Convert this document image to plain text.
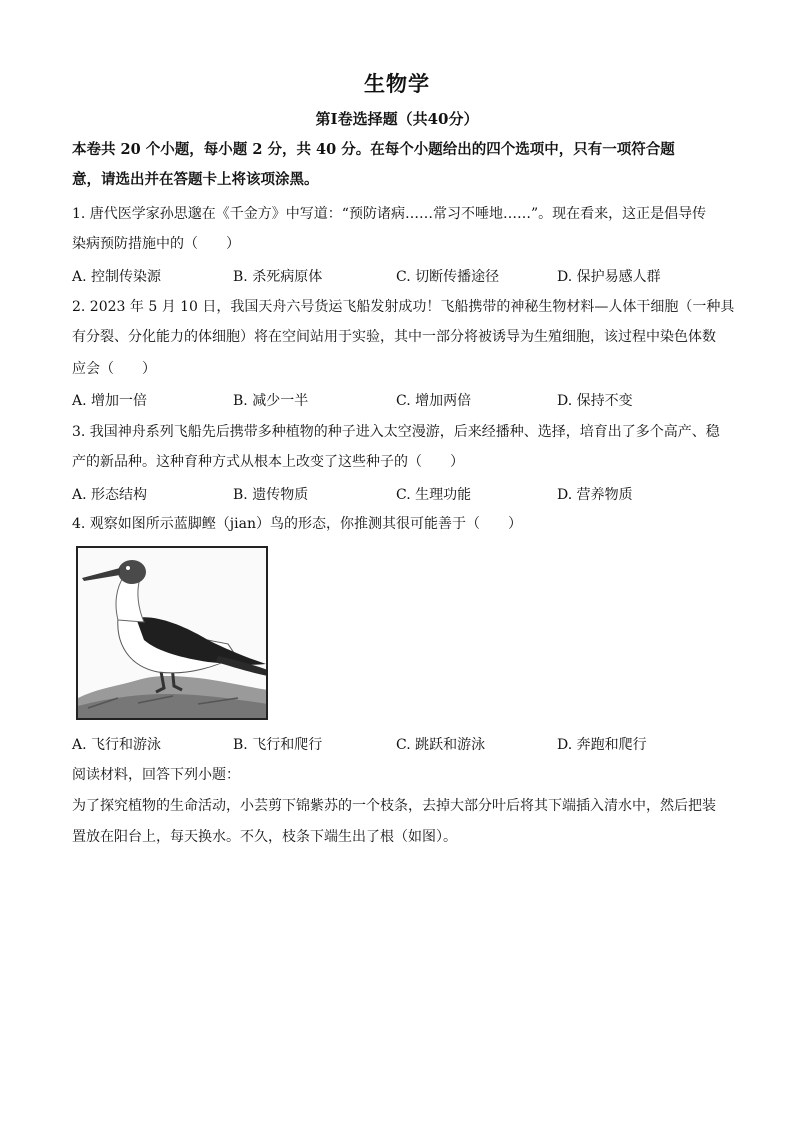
生物学
第Ⅰ卷选择题（共40分）
本卷共 20 个小题，每小题 2 分，共 40 分。在每个小题给出的四个选项中，只有一项符合题
意，请选出并在答题卡上将该项涂黑。
1. 唐代医学家孙思邈在《千金方》中写道：“预防诸病……常习不唾地……”。现在看来，这正是倡导传
染病预防措施中的（　　）
A. 控制传染源	B. 杀死病原体	C. 切断传播途径	D. 保护易感人群
2. 2023 年 5 月 10 日，我国天舟六号货运飞船发射成功！飞船携带的神秘生物材料—人体干细胞（一种具
有分裂、分化能力的体细胞）将在空间站用于实验，其中一部分将被诱导为生殖细胞，该过程中染色体数
应会（　　）
A. 增加一倍	B. 减少一半	C. 增加两倍	D. 保持不变
3. 我国神舟系列飞船先后携带多种植物的种子进入太空漫游，后来经播种、选择，培育出了多个高产、稳
产的新品种。这种育种方式从根本上改变了这些种子的（　　）
A. 形态结构	B. 遗传物质	C. 生理功能	D. 营养物质
4. 观察如图所示蓝脚鲣（jian）鸟的形态，你推测其很可能善于（　　）
A. 飞行和游泳	B. 飞行和爬行	C. 跳跃和游泳	D. 奔跑和爬行
阅读材料，回答下列小题：
为了探究植物的生命活动，小芸剪下锦紫苏的一个枝条，去掉大部分叶后将其下端插入清水中，然后把装
置放在阳台上，每天换水。不久，枝条下端生出了根（如图）。
